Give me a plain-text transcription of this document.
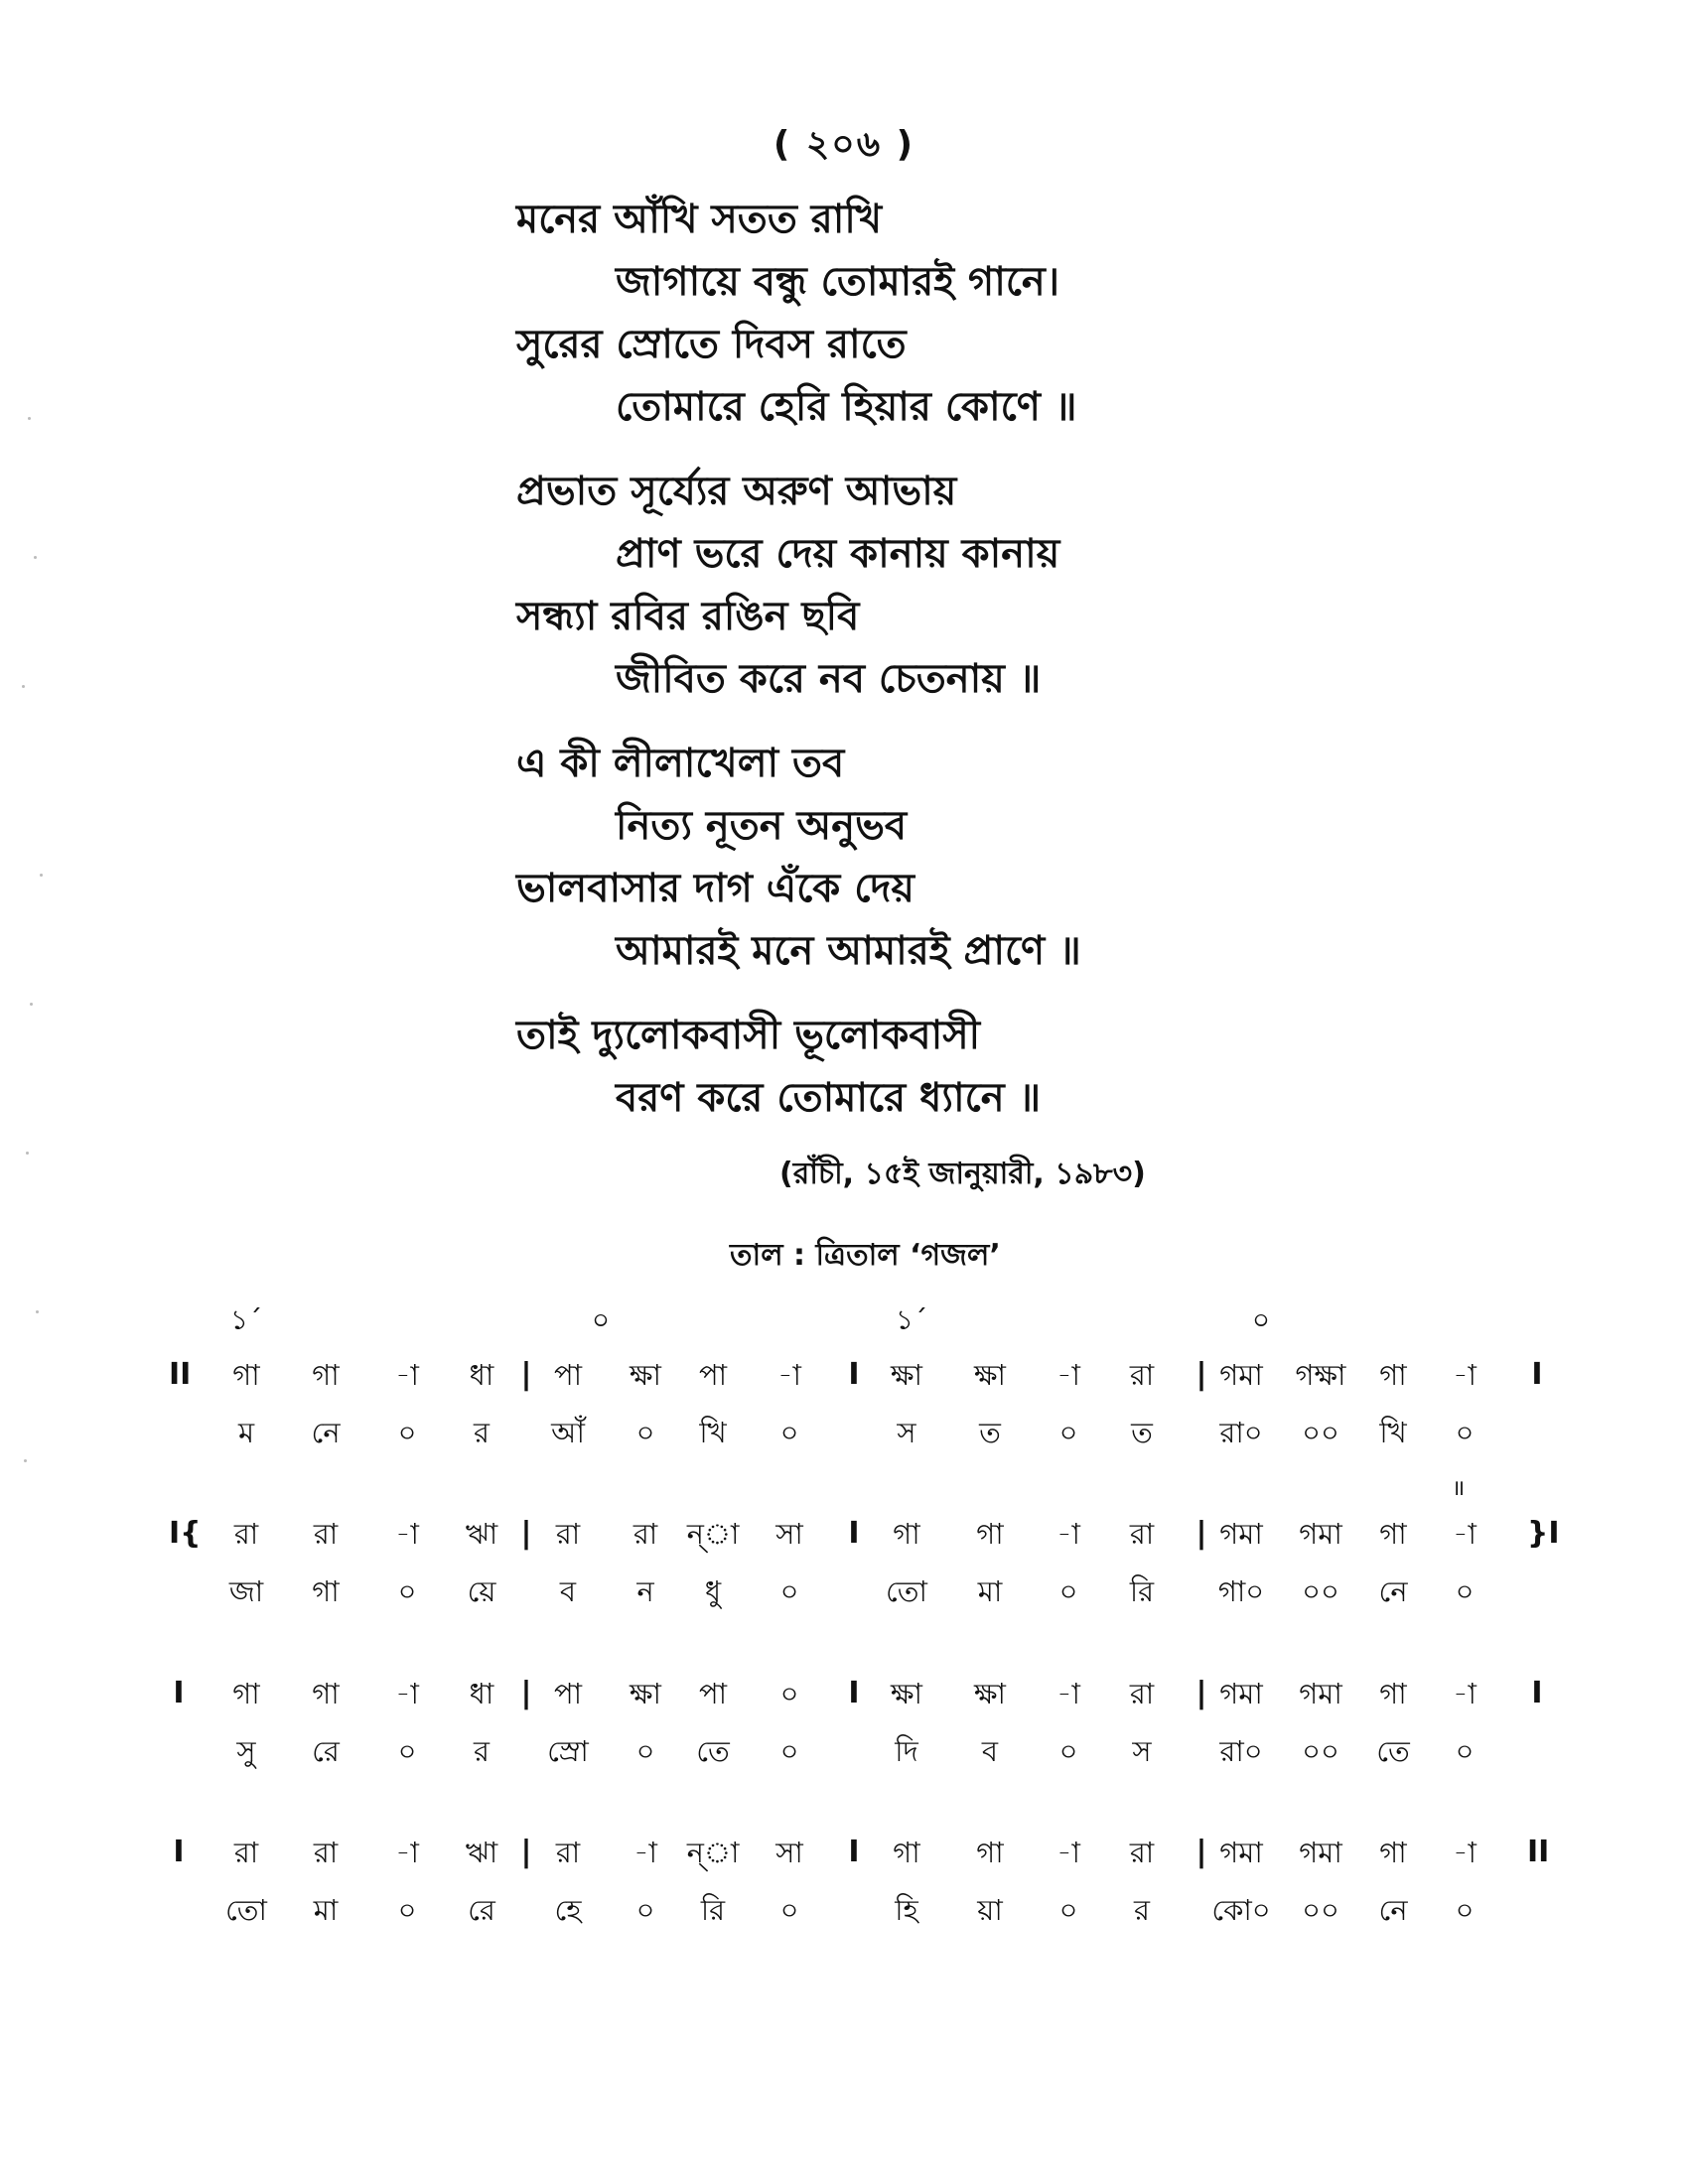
( ২০৬ )
মনের আঁখি সতত রাখি
জাগায়ে বন্ধু তোমারই গানে।
সুরের স্রোতে দিবস রাতে
তোমারে হেরি হিয়ার কোণে ॥
প্রভাত সূর্য্যের অরুণ আভায়
প্রাণ ভরে দেয় কানায় কানায়
সন্ধ্যা রবির রঙিন ছবি
জীবিত করে নব চেতনায় ॥
এ কী লীলাখেলা তব
নিত্য নূতন অনুভব
ভালবাসার দাগ এঁকে দেয়
আমারই মনে আমারই প্রাণে ॥
তাই দ্যুলোকবাসী ভূলোকবাসী
বরণ করে তোমারে ধ্যানে ॥
(রাঁচী, ১৫ই জানুয়ারী, ১৯৮৩)
তাল : ত্রিতাল ‘গজল’
১´	০	১´	০
II	I
|	I	|
গা	গা	-া	ধা	পা	ক্ষা	পা	-া	ক্ষা	ক্ষা	-া	রা	গমা	গক্ষা	গা	-া
ম	নে	০	র	আঁ	০	খি	০	স	ত	০	ত	রা০	০০	খি	০
I{	}I
|	I	|
রা	রা	-া	ঋা	রা	রা	ন্া	সা	গা	গা	-া	রা	গমা	গমা	গা	-া
জা	গা	০	য়ে	ব	ন	ধু	০	তো	মা	০	রি	গা০	০০	নে	০
॥
I	I
|	I	|
গা	গা	-া	ধা	পা	ক্ষা	পা	০	ক্ষা	ক্ষা	-া	রা	গমা	গমা	গা	-া
সু	রে	০	র	স্রো	০	তে	০	দি	ব	০	স	রা০	০০	তে	০
I	II
|	I	|
রা	রা	-া	ঋা	রা	-া	ন্া	সা	গা	গা	-া	রা	গমা	গমা	গা	-া
তো	মা	০	রে	হে	০	রি	০	হি	য়া	০	র	কো০	০০	নে	০
